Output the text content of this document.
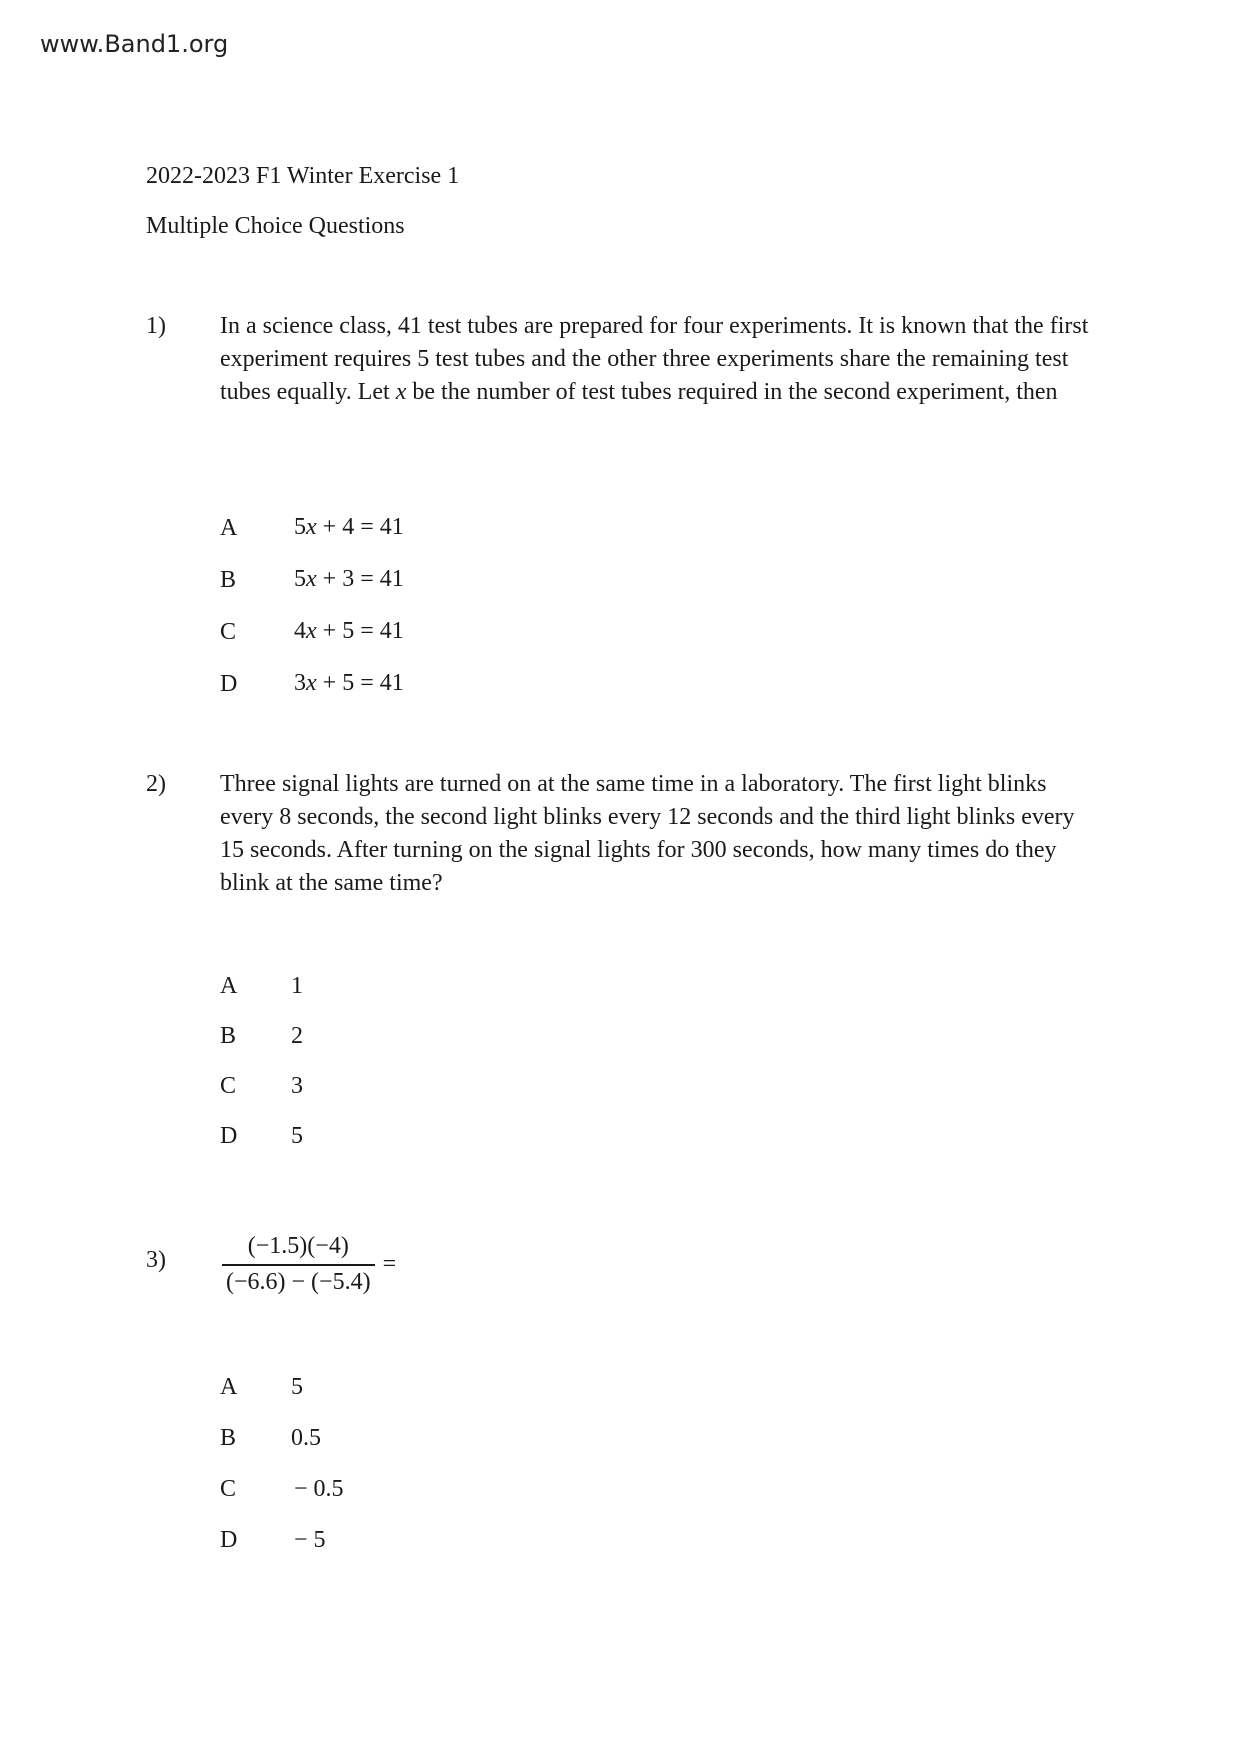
www.Band1.org
2022-2023 F1 Winter Exercise 1
Multiple Choice Questions
1) In a science class, 41 test tubes are prepared for four experiments. It is known that the first experiment requires 5 test tubes and the other three experiments share the remaining test tubes equally. Let x be the number of test tubes required in the second experiment, then
A 5x + 4 = 41
B 5x + 3 = 41
C 4x + 5 = 41
D 3x + 5 = 41
2) Three signal lights are turned on at the same time in a laboratory. The first light blinks every 8 seconds, the second light blinks every 12 seconds and the third light blinks every 15 seconds. After turning on the signal lights for 300 seconds, how many times do they blink at the same time?
A 1
B 2
C 3
D 5
$3) \frac{(-1.5)(-4)}{(-6.6) - (-5.4)}$ =
A 5
B 0.5
C − 0.5
D − 5
